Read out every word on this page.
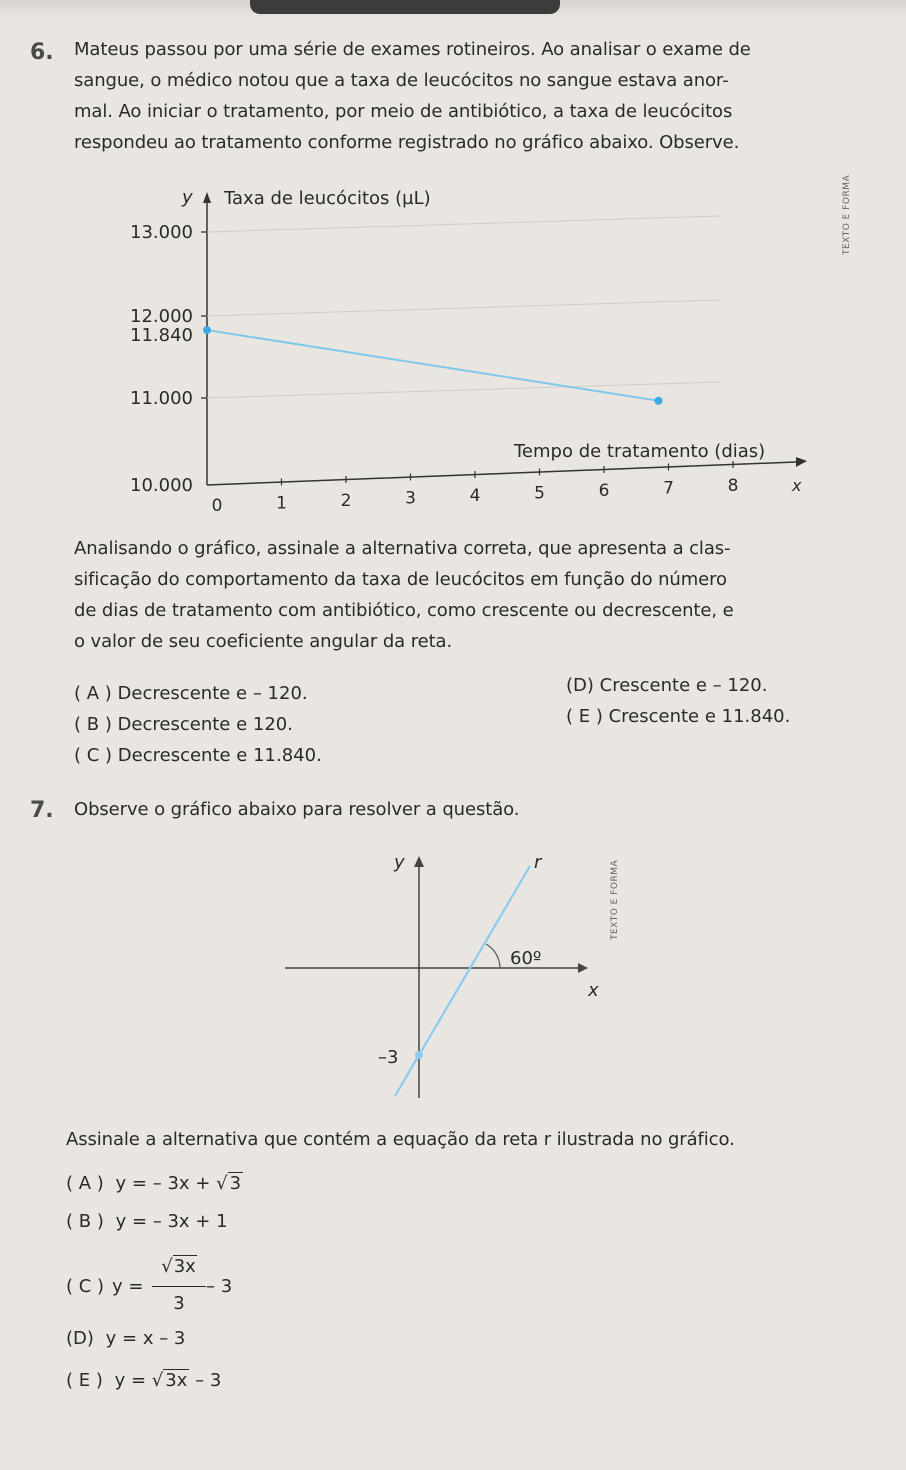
6. Mateus passou por uma série de exames rotineiros. Ao analisar o exame de
sangue, o médico notou que a taxa de leucócitos no sangue estava anor-
mal. Ao iniciar o tratamento, por meio de antibiótico, a taxa de leucócitos
respondeu ao tratamento conforme registrado no gráfico abaixo. Observe.
TEXTO E FORMA
10.000
11.000
11.840
12.000
13.000
0	1	2	3	4	5	6	7	8
y Taxa de leucócitos (µL)
Tempo de tratamento (dias)
x
Analisando o gráfico, assinale a alternativa correta, que apresenta a clas-
sificação do comportamento da taxa de leucócitos em função do número
de dias de tratamento com antibiótico, como crescente ou decrescente, e
o valor de seu coeficiente angular da reta.
( A ) Decrescente e – 120.
( B ) Decrescente e 120.
( C ) Decrescente e 11.840.
(D) Crescente e – 120.
( E ) Crescente e 11.840.
7. Observe o gráfico abaixo para resolver a questão.
TEXTO E FORMA
y	r
60º
x
–3
Assinale a alternativa que contém a equação da reta r ilustrada no gráfico.
( A ) y = – 3x + √ 3
( B ) y = – 3x + 1
( C ) y =
√3x
3
– 3
(D) y = x – 3
( E ) y = √ 3x – 3
